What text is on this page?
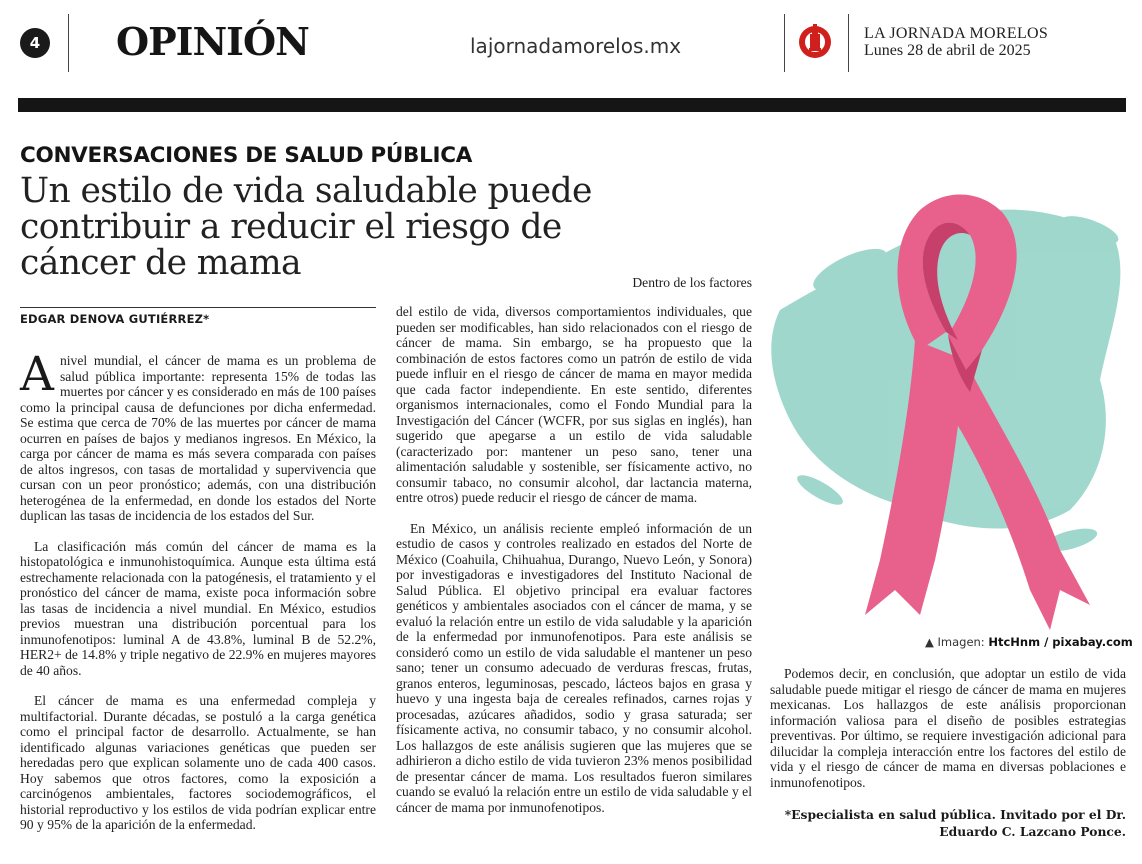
4 OPINIÓN	lajornadamorelos.mx
LA JORNADA MORELOS
Lunes 28 de abril de 2025
CONVERSACIONES DE SALUD PÚBLICA
Un estilo de vida saludable puede contribuir a reducir el riesgo de cáncer de mama
EDGAR DENOVA GUTIÉRREZ*

A nivel mundial, el cáncer de mama es un problema de salud pública importante: representa 15% de todas las muertes por cáncer y es considerado en más de 100 países como la principal causa de defunciones por dicha enfermedad. Se estima que cerca de 70% de las muertes por cáncer de mama ocurren en países de bajos y medianos ingresos. En México, la carga por cáncer de mama es más severa comparada con países de altos ingresos, con tasas de mortalidad y supervivencia que cursan con un peor pronóstico; además, con una distribución heterogénea de la enfermedad, en donde los estados del Norte duplican las tasas de incidencia de los estados del Sur.

La clasificación más común del cáncer de mama es la histopatológica e inmunohistoquímica. Aunque esta última está estrechamente relacionada con la patogénesis, el tratamiento y el pronóstico del cáncer de mama, existe poca información sobre las tasas de incidencia a nivel mundial. En México, estudios previos muestran una distribución porcentual para los inmunofenotipos: luminal A de 43.8%, luminal B de 52.2%, HER2+ de 14.8% y triple negativo de 22.9% en mujeres mayores de 40 años.

El cáncer de mama es una enfermedad compleja y multifactorial. Durante décadas, se postuló a la carga genética como el principal factor de desarrollo. Actualmente, se han identificado algunas variaciones genéticas que pueden ser heredadas pero que explican solamente uno de cada 400 casos. Hoy sabemos que otros factores, como la exposición a carcinógenos ambientales, factores sociodemográficos, el historial reproductivo y los estilos de vida podrían explicar entre 90 y 95% de la aparición de la enfermedad.

Dentro de los factores

del estilo de vida, diversos comportamientos individuales, que pueden ser modificables, han sido relacionados con el riesgo de cáncer de mama. Sin embargo, se ha propuesto que la combinación de estos factores como un patrón de estilo de vida puede influir en el riesgo de cáncer de mama en mayor medida que cada factor independiente. En este sentido, diferentes organismos internacionales, como el Fondo Mundial para la Investigación del Cáncer (WCFR, por sus siglas en inglés), han sugerido que apegarse a un estilo de vida saludable (caracterizado por: mantener un peso sano, tener una alimentación saludable y sostenible, ser físicamente activo, no consumir tabaco, no consumir alcohol, dar lactancia materna, entre otros) puede reducir el riesgo de cáncer de mama.

En México, un análisis reciente empleó información de un estudio de casos y controles realizado en estados del Norte de México (Coahuila, Chihuahua, Durango, Nuevo León, y Sonora) por investigadoras e investigadores del Instituto Nacional de Salud Pública. El objetivo principal era evaluar factores genéticos y ambientales asociados con el cáncer de mama, y se evaluó la relación entre un estilo de vida saludable y la aparición de la enfermedad por inmunofenotipos. Para este análisis se consideró como un estilo de vida saludable el mantener un peso sano; tener un consumo adecuado de verduras frescas, frutas, granos enteros, leguminosas, pescado, lácteos bajos en grasa y huevo y una ingesta baja de cereales refinados, carnes rojas y procesadas, azúcares añadidos, sodio y grasa saturada; ser físicamente activa, no consumir tabaco, y no consumir alcohol. Los hallazgos de este análisis sugieren que las mujeres que se adhirieron a dicho estilo de vida tuvieron 23% menos posibilidad de presentar cáncer de mama. Los resultados fueron similares cuando se evaluó la relación entre un estilo de vida saludable y el cáncer de mama por inmunofenotipos.

▲ Imagen: HtcHnm / pixabay.com

Podemos decir, en conclusión, que adoptar un estilo de vida saludable puede mitigar el riesgo de cáncer de mama en mujeres mexicanas. Los hallazgos de este análisis proporcionan información valiosa para el diseño de posibles estrategias preventivas. Por último, se requiere investigación adicional para dilucidar la compleja interacción entre los factores del estilo de vida y el riesgo de cáncer de mama en diversas poblaciones e inmunofenotipos.

*Especialista en salud pública. Invitado por el Dr.
Eduardo C. Lazcano Ponce.
